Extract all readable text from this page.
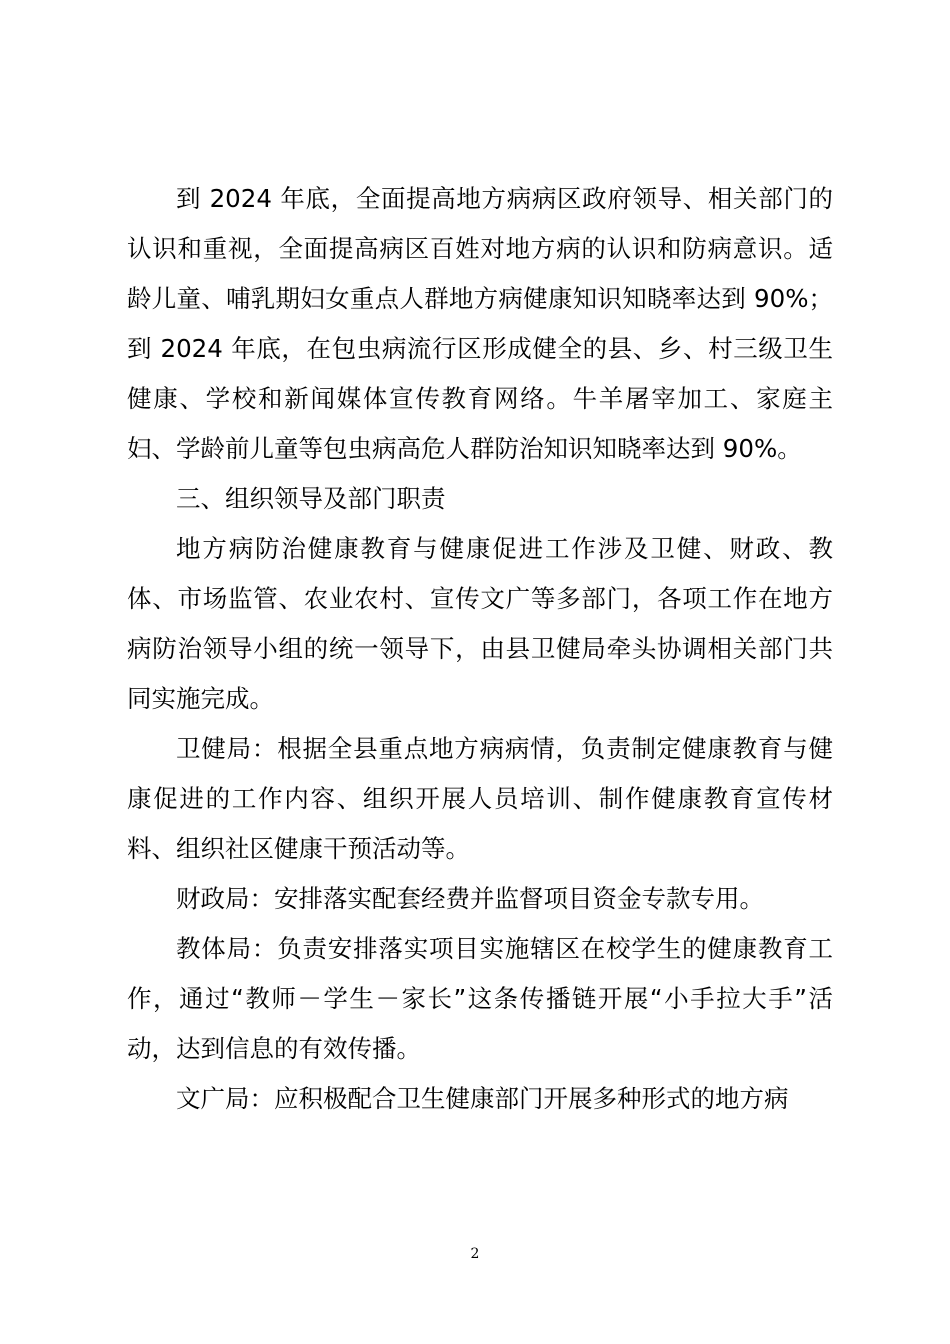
到 2024 年底，全面提高地方病病区政府领导、相关部门的认识和重视，全面提高病区百姓对地方病的认识和防病意识。适龄儿童、哺乳期妇女重点人群地方病健康知识知晓率达到 90%；到 2024 年底，在包虫病流行区形成健全的县、乡、村三级卫生健康、学校和新闻媒体宣传教育网络。牛羊屠宰加工、家庭主妇、学龄前儿童等包虫病高危人群防治知识知晓率达到 90%。

三、组织领导及部门职责

地方病防治健康教育与健康促进工作涉及卫健、财政、教体、市场监管、农业农村、宣传文广等多部门，各项工作在地方病防治领导小组的统一领导下，由县卫健局牵头协调相关部门共同实施完成。

卫健局：根据全县重点地方病病情，负责制定健康教育与健康促进的工作内容、组织开展人员培训、制作健康教育宣传材料、组织社区健康干预活动等。

财政局：安排落实配套经费并监督项目资金专款专用。

教体局：负责安排落实项目实施辖区在校学生的健康教育工作，通过“教师－学生－家长”这条传播链开展“小手拉大手”活动，达到信息的有效传播。

文广局：应积极配合卫生健康部门开展多种形式的地方病

2
